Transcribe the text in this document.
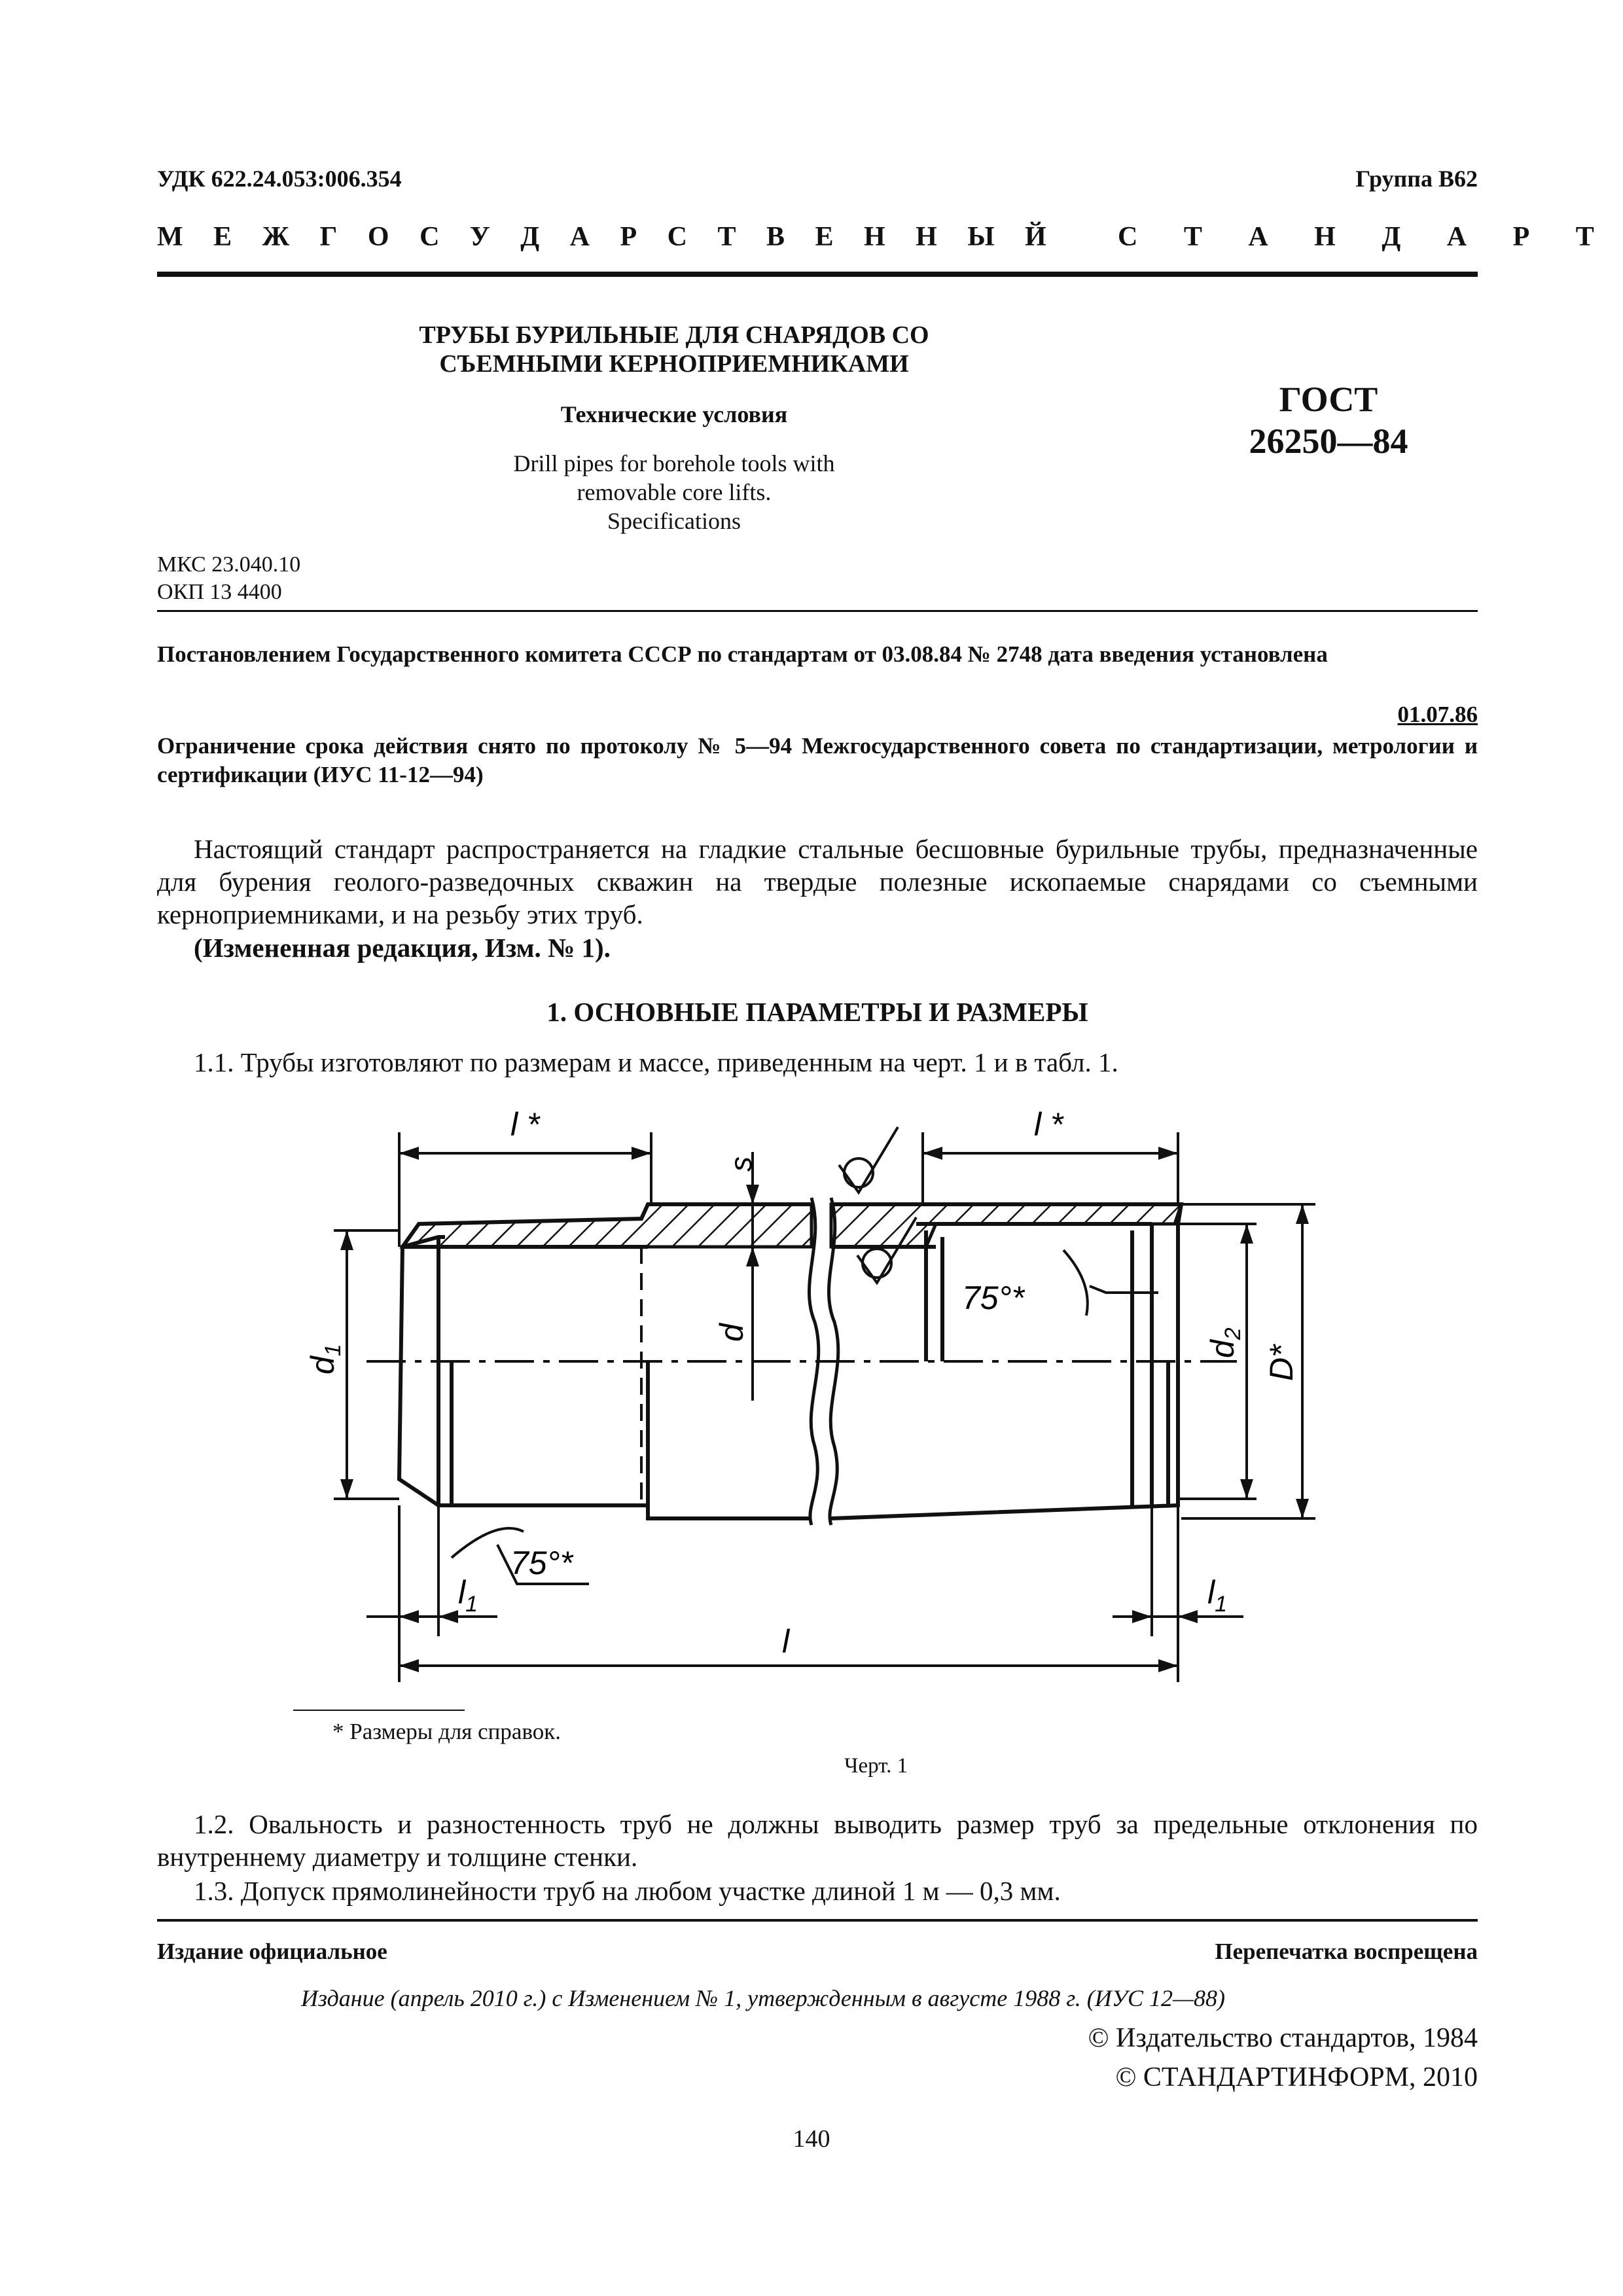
УДК 622.24.053:006.354	Группа В62
М Е Ж Г О С У Д А Р С Т В Е Н Н Ы Й С Т А Н Д А Р Т
ТРУБЫ БУРИЛЬНЫЕ ДЛЯ СНАРЯДОВ СО
СЪЕМНЫМИ КЕРНОПРИЕМНИКАМИ
Технические условия
Drill pipes for borehole tools with
removable core lifts.
Specifications
ГОСТ
26250—84
МКС 23.040.10
ОКП 13 4400
Постановлением Государственного комитета СССР по стандартам от 03.08.84 № 2748 дата введения установлена
01.07.86
Ограничение срока действия снято по протоколу № 5—94 Межгосударственного совета по стандартизации, метрологии и сертификации (ИУС 11-12—94)
Настоящий стандарт распространяется на гладкие стальные бесшовные бурильные трубы, предназначенные для бурения геолого-разведочных скважин на твердые полезные ископаемые снарядами со съемными керноприемниками, и на резьбу этих труб.
(Измененная редакция, Изм. № 1).
1. ОСНОВНЫЕ ПАРАМЕТРЫ И РАЗМЕРЫ
1.1. Трубы изготовляют по размерам и массе, приведенным на черт. 1 и в табл. 1.
l *	l *
s
d
$d_1$	$d_2$
D*
75°*
75°*
$l_1$	$l_1$
l
* Размеры для справок.
Черт. 1
1.2. Овальность и разностенность труб не должны выводить размер труб за предельные отклонения по внутреннему диаметру и толщине стенки.
1.3. Допуск прямолинейности труб на любом участке длиной 1 м — 0,3 мм.
Издание официальное	Перепечатка воспрещена
Издание (апрель 2010 г.) с Изменением № 1, утвержденным в августе 1988 г. (ИУС 12—88)
© Издательство стандартов, 1984
© СТАНДАРТИНФОРМ, 2010
140
